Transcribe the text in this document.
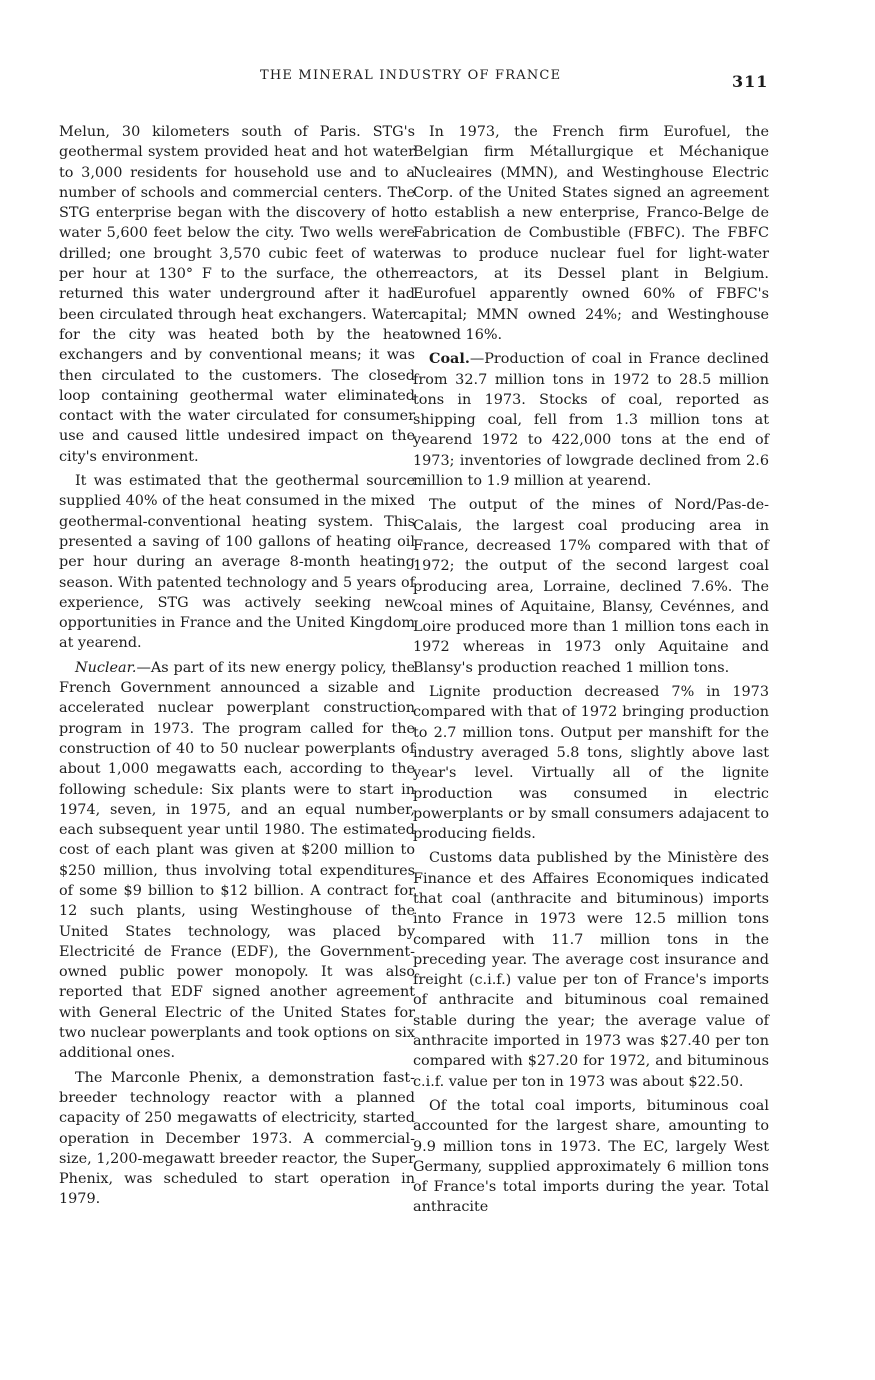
THE MINERAL INDUSTRY OF FRANCE	311

Melun, 30 kilometers south of Paris. STG's geothermal system provided heat and hot water to 3,000 residents for household use and to a number of schools and commercial centers. The STG enterprise began with the discovery of hot water 5,600 feet below the city. Two wells were drilled; one brought 3,570 cubic feet of water per hour at 130° F to the surface, the other returned this water underground after it had been circulated through heat exchangers. Water for the city was heated both by the heat exchangers and by conventional means; it was then circulated to the customers. The closed loop containing geothermal water eliminated contact with the water circulated for consumer use and caused little undesired impact on the city's environment.

It was estimated that the geothermal source supplied 40% of the heat consumed in the mixed geothermal-conventional heating system. This presented a saving of 100 gallons of heating oil per hour during an average 8-month heating season. With patented technology and 5 years of experience, STG was actively seeking new opportunities in France and the United Kingdom at yearend.

Nuclear.—As part of its new energy policy, the French Government announced a sizable and accelerated nuclear powerplant construction program in 1973. The program called for the construction of 40 to 50 nuclear powerplants of about 1,000 megawatts each, according to the following schedule: Six plants were to start in 1974, seven, in 1975, and an equal number, each subsequent year until 1980. The estimated cost of each plant was given at $200 million to $250 million, thus involving total expenditures of some $9 billion to $12 billion. A contract for 12 such plants, using Westinghouse of the United States technology, was placed by Electricité de France (EDF), the Government-owned public power monopoly. It was also reported that EDF signed another agreement with General Electric of the United States for two nuclear powerplants and took options on six additional ones.

The Marconle Phenix, a demonstration fast-breeder technology reactor with a planned capacity of 250 megawatts of electricity, started operation in December 1973. A commercial-size, 1,200-megawatt breeder reactor, the Super Phenix, was scheduled to start operation in 1979.

In 1973, the French firm Eurofuel, the Belgian firm Métallurgique et Méchanique Nucleaires (MMN), and Westinghouse Electric Corp. of the United States signed an agreement to establish a new enterprise, Franco-Belge de Fabrication de Combustible (FBFC). The FBFC was to produce nuclear fuel for light-water reactors, at its Dessel plant in Belgium. Eurofuel apparently owned 60% of FBFC's capital; MMN owned 24%; and Westinghouse owned 16%.

Coal.—Production of coal in France declined from 32.7 million tons in 1972 to 28.5 million tons in 1973. Stocks of coal, reported as shipping coal, fell from 1.3 million tons at yearend 1972 to 422,000 tons at the end of 1973; inventories of lowgrade declined from 2.6 million to 1.9 million at yearend.

The output of the mines of Nord/Pas-de-Calais, the largest coal producing area in France, decreased 17% compared with that of 1972; the output of the second largest coal producing area, Lorraine, declined 7.6%. The coal mines of Aquitaine, Blansy, Cevénnes, and Loire produced more than 1 million tons each in 1972 whereas in 1973 only Aquitaine and Blansy's production reached 1 million tons.

Lignite production decreased 7% in 1973 compared with that of 1972 bringing production to 2.7 million tons. Output per manshift for the industry averaged 5.8 tons, slightly above last year's level. Virtually all of the lignite production was consumed in electric powerplants or by small consumers adajacent to producing fields.

Customs data published by the Ministère des Finance et des Affaires Economiques indicated that coal (anthracite and bituminous) imports into France in 1973 were 12.5 million tons compared with 11.7 million tons in the preceding year. The average cost insurance and freight (c.i.f.) value per ton of France's imports of anthracite and bituminous coal remained stable during the year; the average value of anthracite imported in 1973 was $27.40 per ton compared with $27.20 for 1972, and bituminous c.i.f. value per ton in 1973 was about $22.50.

Of the total coal imports, bituminous coal accounted for the largest share, amounting to 9.9 million tons in 1973. The EC, largely West Germany, supplied approximately 6 million tons of France's total imports during the year. Total anthracite
